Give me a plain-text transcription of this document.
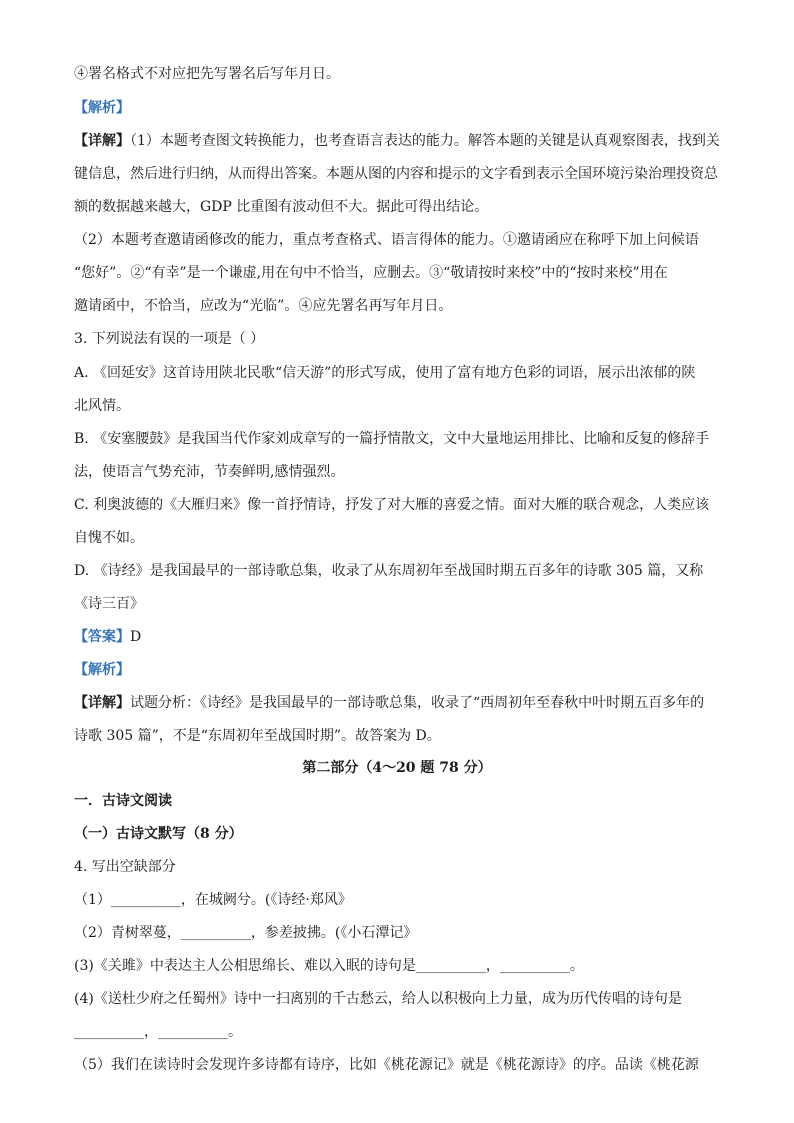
④署名格式不对应把先写署名后写年月日。
【解析】
【详解】（1）本题考查图文转换能力，也考查语言表达的能力。解答本题的关键是认真观察图表，找到关
键信息，然后进行归纳，从而得出答案。本题从图的内容和提示的文字看到表示全国环境污染治理投资总
额的数据越来越大，GDP 比重图有波动但不大。据此可得出结论。
（2）本题考查邀请函修改的能力，重点考查格式、语言得体的能力。①邀请函应在称呼下加上问候语
“您好”。②“有幸”是一个谦虚,用在句中不恰当，应删去。③“敬请按时来校”中的“按时来校”用在
邀请函中，不恰当，应改为“光临”。④应先署名再写年月日。
3. 下列说法有误的一项是（ ）
A. 《回延安》这首诗用陕北民歌“信天游”的形式写成，使用了富有地方色彩的词语，展示出浓郁的陕
北风情。
B. 《安塞腰鼓》是我国当代作家刘成章写的一篇抒情散文，文中大量地运用排比、比喻和反复的修辞手
法，使语言气势充沛，节奏鲜明,感情强烈。
C. 利奥波德的《大雁归来》像一首抒情诗，抒发了对大雁的喜爱之情。面对大雁的联合观念，人类应该
自愧不如。
D. 《诗经》是我国最早的一部诗歌总集，收录了从东周初年至战国时期五百多年的诗歌 305 篇，又称
《诗三百》
【答案】D
【解析】
【详解】试题分析：《诗经》是我国最早的一部诗歌总集，收录了“西周初年至春秋中叶时期五百多年的
诗歌 305 篇”，不是“东周初年至战国时期”。故答案为 D。
第二部分（4～20 题 78 分）
一．古诗文阅读
（一）古诗文默写（8 分）
4. 写出空缺部分
（1）__________，在城阙兮。(《诗经·郑风》
（2）青树翠蔓，__________，参差披拂。(《小石潭记》
(3)《关雎》中表达主人公相思绵长、难以入眠的诗句是__________，__________。
(4)《送杜少府之任蜀州》诗中一扫离别的千古愁云，给人以积极向上力量，成为历代传唱的诗句是
__________，__________。
（5）我们在读诗时会发现许多诗都有诗序，比如《桃花源记》就是《桃花源诗》的序。品读《桃花源
